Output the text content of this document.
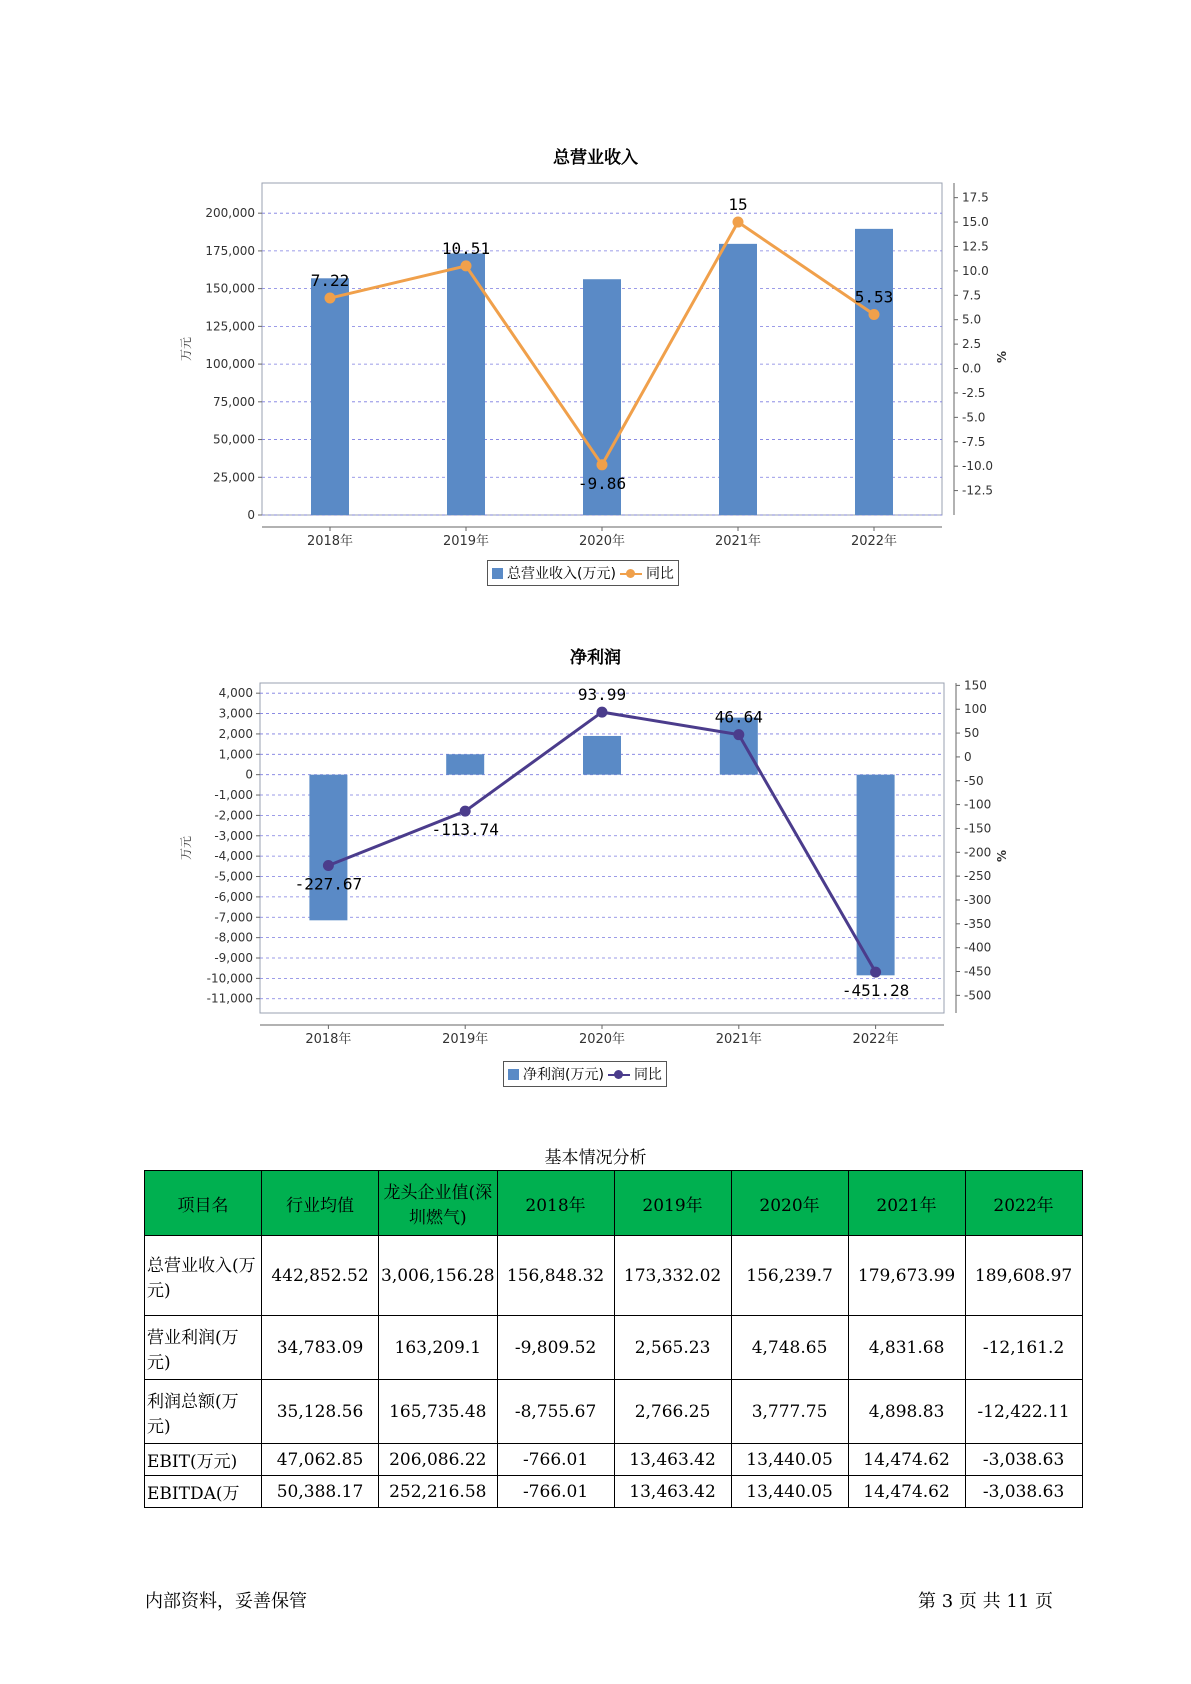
总营业收入
0
25,000
50,000
75,000
100,000
125,000
150,000
175,000
200,000
-12.5
-10.0
-7.5
-5.0
-2.5
0.0
2.5
5.0
7.5
10.0
12.5
15.0
17.5
万元	%
2018年	2019年	2020年	2021年	2022年
7.22
10.51
-9.86
15
5.53
总营业收入(万元) 同比
净利润
-11,000
-10,000
-9,000
-8,000
-7,000
-6,000
-5,000
-4,000
-3,000
-2,000
-1,000
0
1,000
2,000
3,000
4,000
-500
-450
-400
-350
-300
-250
-200
-150
-100
-50
0
50
100
150
万元	%
2018年	2019年	2020年	2021年	2022年
-227.67
-113.74
93.99
46.64
-451.28
净利润(万元) 同比
基本情况分析
项目名	行业均值	龙头企业值(深圳燃气)	2018年	2019年	2020年	2021年	2022年
总营业收入(万元)	442,852.52	3,006,156.28	156,848.32	173,332.02	156,239.7	179,673.99	189,608.97
营业利润(万元)	34,783.09	163,209.1	-9,809.52	2,565.23	4,748.65	4,831.68	-12,161.2
利润总额(万元)	35,128.56	165,735.48	-8,755.67	2,766.25	3,777.75	4,898.83	-12,422.11
EBIT(万元)	47,062.85	206,086.22	-766.01	13,463.42	13,440.05	14,474.62	-3,038.63
EBITDA(万	50,388.17	252,216.58	-766.01	13,463.42	13,440.05	14,474.62	-3,038.63
内部资料，妥善保管	第 3 页 共 11 页
